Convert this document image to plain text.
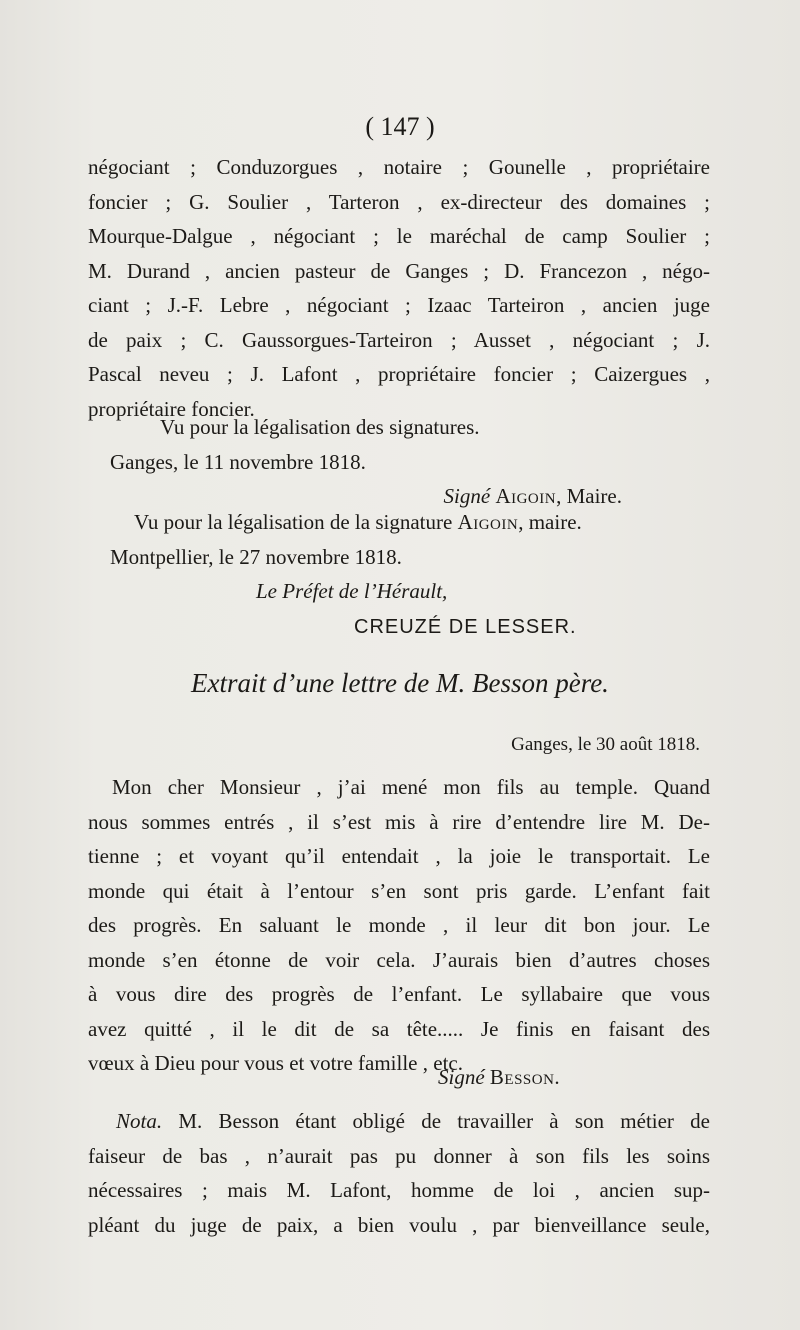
( 147 )

négociant ; Conduzorgues , notaire ; Gounelle , propriétaire

foncier ; G. Soulier , Tarteron , ex-directeur des domaines ;

Mourque-Dalgue , négociant ; le maréchal de camp Soulier ;

M. Durand , ancien pasteur de Ganges ; D. Francezon , négo-

ciant ; J.-F. Lebre , négociant ; Izaac Tarteiron , ancien juge

de paix ; C. Gaussorgues-Tarteiron ; Ausset , négociant ; J.

Pascal neveu ; J. Lafont , propriétaire foncier ; Caizergues ,

propriétaire foncier.

Vu pour la légalisation des signatures.

Ganges, le 11 novembre 1818.

Signé Aigoin, Maire.

Vu pour la légalisation de la signature Aigoin, maire.

Montpellier, le 27 novembre 1818.

Le Préfet de l’Hérault,

CREUZÉ DE LESSER.

Extrait d’une lettre de M. Besson père.

Ganges, le 30 août 1818.

Mon cher Monsieur , j’ai mené mon fils au temple. Quand

nous sommes entrés , il s’est mis à rire d’entendre lire M. De-

tienne ; et voyant qu’il entendait , la joie le transportait. Le

monde qui était à l’entour s’en sont pris garde. L’enfant fait

des progrès. En saluant le monde , il leur dit bon jour. Le

monde s’en étonne de voir cela. J’aurais bien d’autres choses

à vous dire des progrès de l’enfant. Le syllabaire que vous

avez quitté , il le dit de sa tête..... Je finis en faisant des

vœux à Dieu pour vous et votre famille , etc.

Signé Besson.

Nota. M. Besson étant obligé de travailler à son métier de

faiseur de bas , n’aurait pas pu donner à son fils les soins

nécessaires ; mais M. Lafont, homme de loi , ancien sup-

pléant du juge de paix, a bien voulu , par bienveillance seule,
